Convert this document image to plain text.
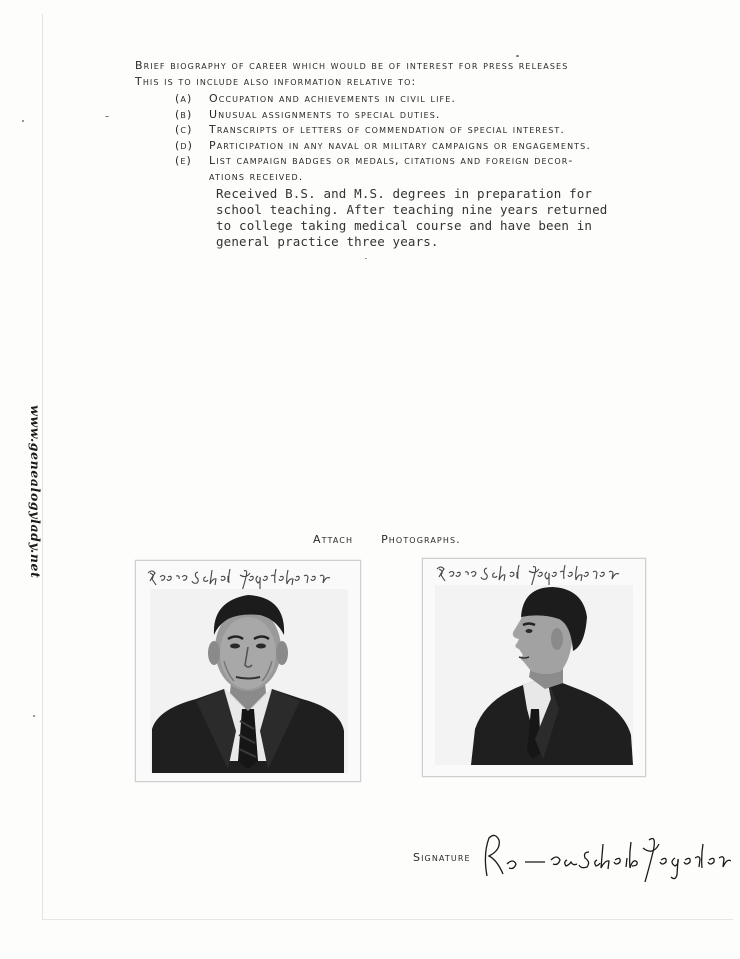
Brief biography of career which would be of interest for press releases
This is to include also information relative to:
(a) Occupation and achievements in civil life.
(b) Unusual assignments to special duties.
(c) Transcripts of letters of commendation of special interest.
(d) Participation in any naval or military campaigns or engagements.
(e) List campaign badges or medals, citations and foreign decor-
ations received.
Received B.S. and M.S. degrees in preparation for
school teaching. After teaching nine years returned
to college taking medical course and have been in
general practice three years.
www.genealogylady.net	Attach	Photographs.
Signature
